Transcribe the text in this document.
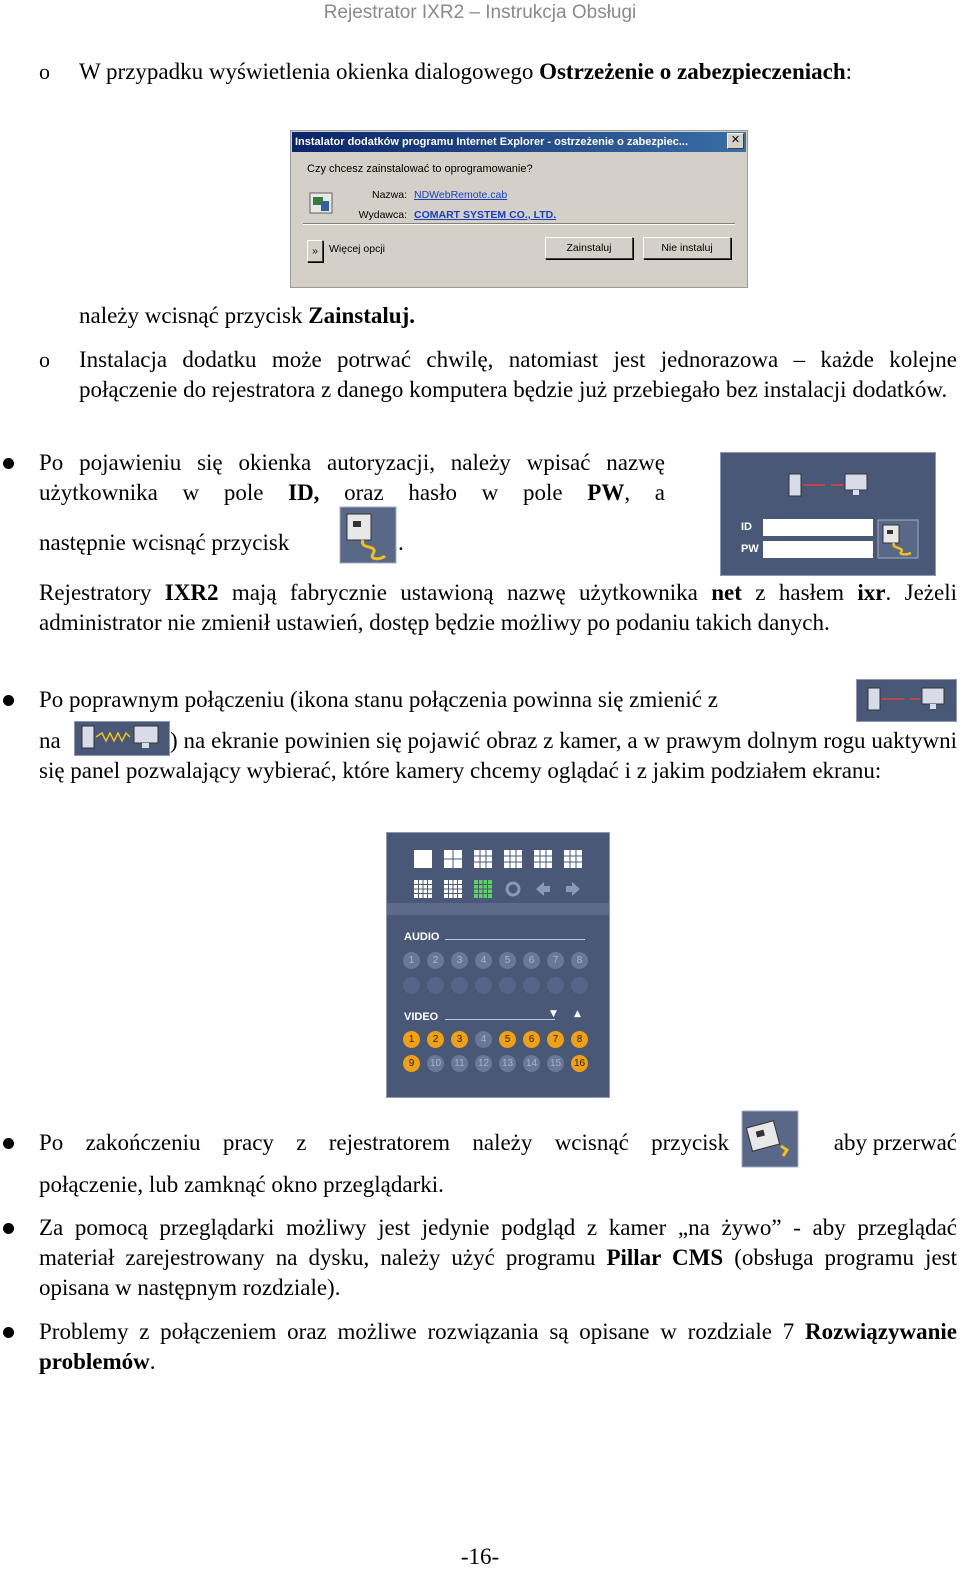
Rejestrator IXR2 – Instrukcja Obsługi
o W przypadku wyświetlenia okienka dialogowego Ostrzeżenie o zabezpieczeniach:
Instalator dodatków programu Internet Explorer - ostrzeżenie o zabezpiec...	✕
Czy chcesz zainstalować to oprogramowanie?
Nazwa: NDWebRemote.cab
Wydawca: COMART SYSTEM CO., LTD.
»	Więcej opcji	Zainstaluj	Nie instaluj
należy wcisnąć przycisk Zainstaluj.
o Instalacja dodatku może potrwać chwilę, natomiast jest jednorazowa – każde kolejne połączenie do rejestratora z danego komputera będzie już przebiegało bez instalacji dodatków.
Po pojawieniu się okienka autoryzacji, należy wpisać nazwę użytkownika w pole ID, oraz hasło w pole PW, a
następnie wcisnąć przycisk	.
ID
PW
Rejestratory IXR2 mają fabrycznie ustawioną nazwę użytkownika net z hasłem ixr. Jeżeli administrator nie zmienił ustawień, dostęp będzie możliwy po podaniu takich danych.
Po poprawnym połączeniu (ikona stanu połączenia powinna się zmienić z
na	) na ekranie powinien się pojawić obraz z kamer, a w prawym dolnym rogu uaktywni się panel pozwalający wybierać, które kamery chcemy oglądać i z jakim podziałem ekranu:
AUDIO
VIDEO
1	2	3	4	5	6	7	8
1	2	3	4	5	6	7	8
9	10	11	12 13 14 15 16
▼ ▲
Po zakończeniu pracy z rejestratorem należy wcisnąć przycisk	aby przerwać
połączenie, lub zamknąć okno przeglądarki.
Za pomocą przeglądarki możliwy jest jedynie podgląd z kamer „na żywo” - aby przeglądać materiał zarejestrowany na dysku, należy użyć programu Pillar CMS (obsługa programu jest opisana w następnym rozdziale).
Problemy z połączeniem oraz możliwe rozwiązania są opisane w rozdziale 7 Rozwiązywanie problemów.
-16-
